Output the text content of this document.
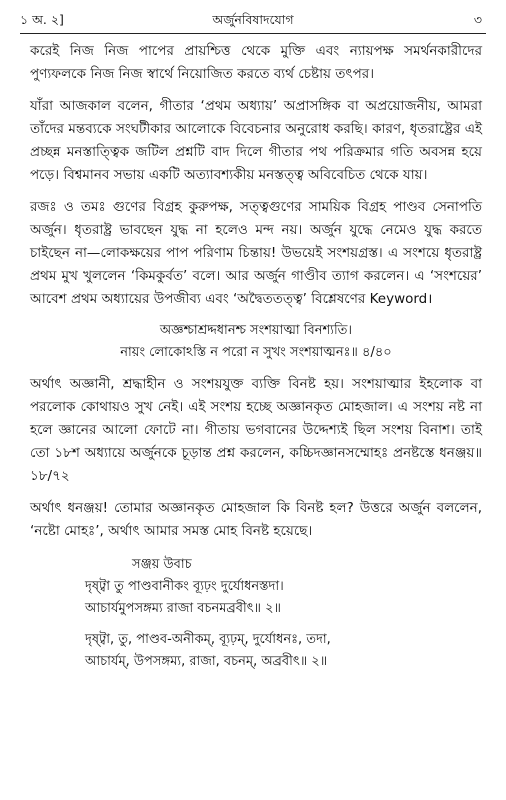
১ অ. ২]	অর্জুনবিষাদযোগ	৩

করেই নিজ নিজ পাপের প্রায়শ্চিত্ত থেকে মুক্তি এবং ন্যায়পক্ষ সমর্থনকারীদের পুণ্যফলকে নিজ নিজ স্বার্থে নিয়োজিত করতে ব্যর্থ চেষ্টায় তৎপর।

যাঁরা আজকাল বলেন, গীতার ‘প্রথম অধ্যায়’ অপ্রাসঙ্গিক বা অপ্রয়োজনীয়, আমরা তাঁদের মন্তব্যকে সংঘটীকার আলোকে বিবেচনার অনুরোধ করছি। কারণ, ধৃতরাষ্ট্রের এই প্রচ্ছন্ন মনস্তাত্ত্বিক জটিল প্রশ্নটি বাদ দিলে গীতার পথ পরিক্রমার গতি অবসন্ন হয়ে পড়ে। বিশ্বমানব সভায় একটি অত্যাবশ্যকীয় মনস্তত্ত্ব অবিবেচিত থেকে যায়।

রজঃ ও তমঃ গুণের বিগ্রহ কুরুপক্ষ, সত্ত্বগুণের সাময়িক বিগ্রহ পাণ্ডব সেনাপতি অর্জুন। ধৃতরাষ্ট্র ভাবছেন যুদ্ধ না হলেও মন্দ নয়। অর্জুন যুদ্ধে নেমেও যুদ্ধ করতে চাইছেন না—লোকক্ষয়ের পাপ পরিণাম চিন্তায়! উভয়েই সংশয়গ্রস্ত। এ সংশয়ে ধৃতরাষ্ট্র প্রথম মুখ খুললেন ‘কিমকুর্বত’ বলে। আর অর্জুন গাণ্ডীব ত্যাগ করলেন। এ ‘সংশয়ের’ আবেশ প্রথম অধ্যায়ের উপজীব্য এবং ‘অদ্বৈততত্ত্ব’ বিশ্লেষণের Keyword।

অজ্ঞশ্চাশ্রদ্দধানশ্চ সংশয়াত্মা বিনশ্যতি।
নায়ং লোকোঽস্তি ন পরো ন সুখং সংশয়াত্মনঃ॥ ৪/৪০

অর্থাৎ অজ্ঞানী, শ্রদ্ধাহীন ও সংশয়যুক্ত ব্যক্তি বিনষ্ট হয়। সংশয়াত্মার ইহলোক বা পরলোক কোথায়ও সুখ নেই। এই সংশয় হচ্ছে অজ্ঞানকৃত মোহজাল। এ সংশয় নষ্ট না হলে জ্ঞানের আলো ফোটে না। গীতায় ভগবানের উদ্দেশ্যই ছিল সংশয় বিনাশ। তাই তো ১৮শ অধ্যায়ে অর্জুনকে চূড়ান্ত প্রশ্ন করলেন, কচ্চিদজ্ঞানসম্মোহঃ প্রনষ্টস্তে ধনঞ্জয়॥ ১৮/৭২

অর্থাৎ ধনঞ্জয়! তোমার অজ্ঞানকৃত মোহজাল কি বিনষ্ট হল? উত্তরে অর্জুন বললেন, ‘নষ্টো মোহঃ’, অর্থাৎ আমার সমস্ত মোহ বিনষ্ট হয়েছে।

সঞ্জয় উবাচ
দৃষ্ট্বা তু পাণ্ডবানীকং ব্যূঢ়ং দুর্যোধনস্তদা।
আচার্যমুপসঙ্গম্য রাজা বচনমব্রবীৎ॥ ২॥
দৃষ্ট্বা, তু, পাণ্ডব-অনীকম্, ব্যূঢ়ম্, দুর্যোধনঃ, তদা,
আচার্যম্, উপসঙ্গম্য, রাজা, বচনম্, অব্রবীৎ॥ ২॥
